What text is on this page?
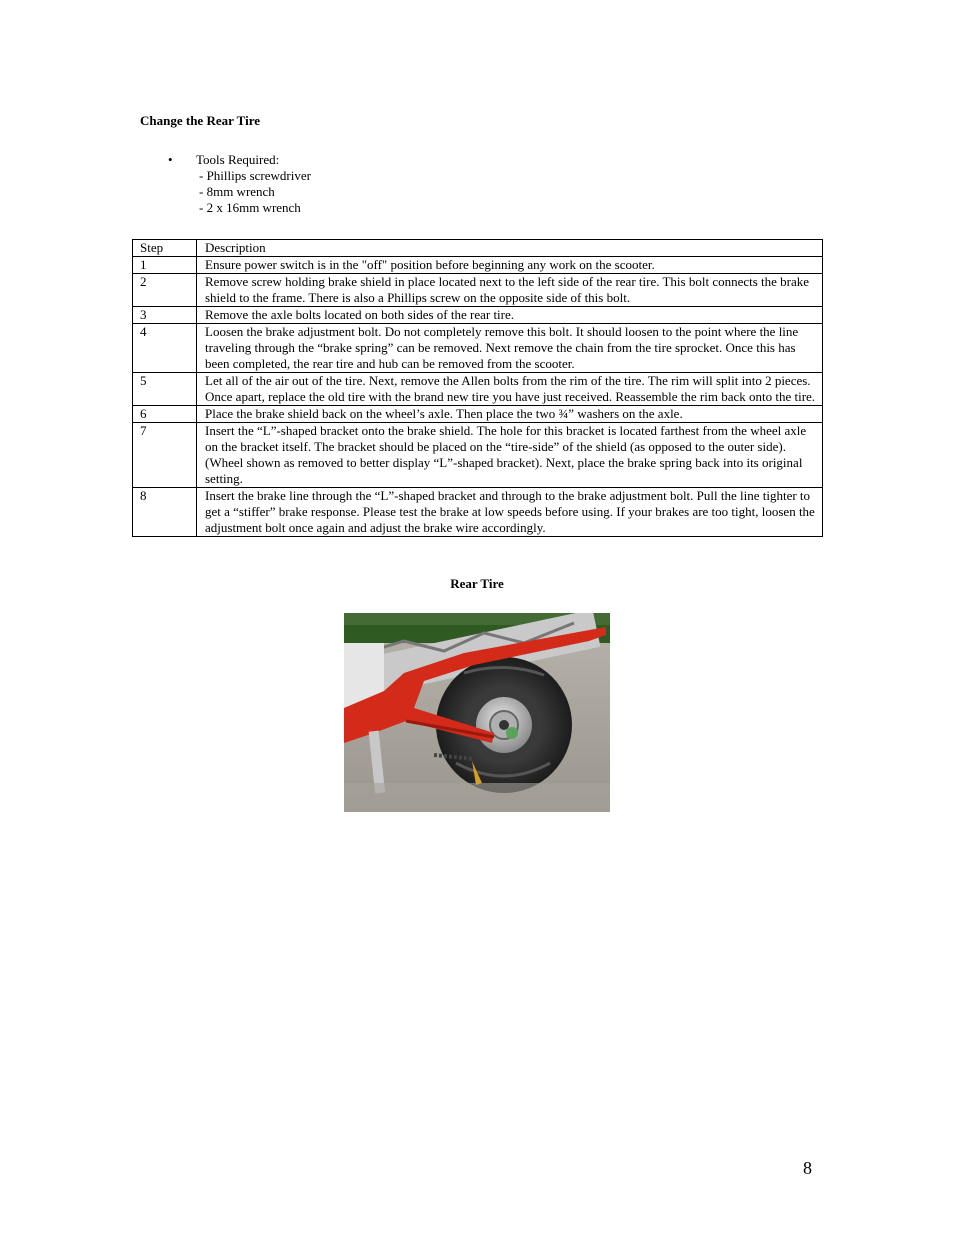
Change the Rear Tire
•	Tools Required:
- Phillips screwdriver
- 8mm wrench
- 2 x 16mm wrench
Step	Description
1	Ensure power switch is in the "off" position before beginning any work on the scooter.
2	Remove screw holding brake shield in place located next to the left side of the rear tire. This bolt connects the brake shield to the frame. There is also a Phillips screw on the opposite side of this bolt.
3	Remove the axle bolts located on both sides of the rear tire.
4	Loosen the brake adjustment bolt. Do not completely remove this bolt. It should loosen to the point where the line traveling through the “brake spring” can be removed. Next remove the chain from the tire sprocket. Once this has been completed, the rear tire and hub can be removed from the scooter.
5	Let all of the air out of the tire. Next, remove the Allen bolts from the rim of the tire. The rim will split into 2 pieces. Once apart, replace the old tire with the brand new tire you have just received. Reassemble the rim back onto the tire.
6	Place the brake shield back on the wheel’s axle. Then place the two ¾” washers on the axle.
7	Insert the “L”-shaped bracket onto the brake shield. The hole for this bracket is located farthest from the wheel axle on the bracket itself. The bracket should be placed on the “tire-side” of the shield (as opposed to the outer side). (Wheel shown as removed to better display “L”-shaped bracket). Next, place the brake spring back into its original setting.
8	Insert the brake line through the “L”-shaped bracket and through to the brake adjustment bolt. Pull the line tighter to get a “stiffer” brake response. Please test the brake at low speeds before using. If your brakes are too tight, loosen the adjustment bolt once again and adjust the brake wire accordingly.
Rear Tire
8
